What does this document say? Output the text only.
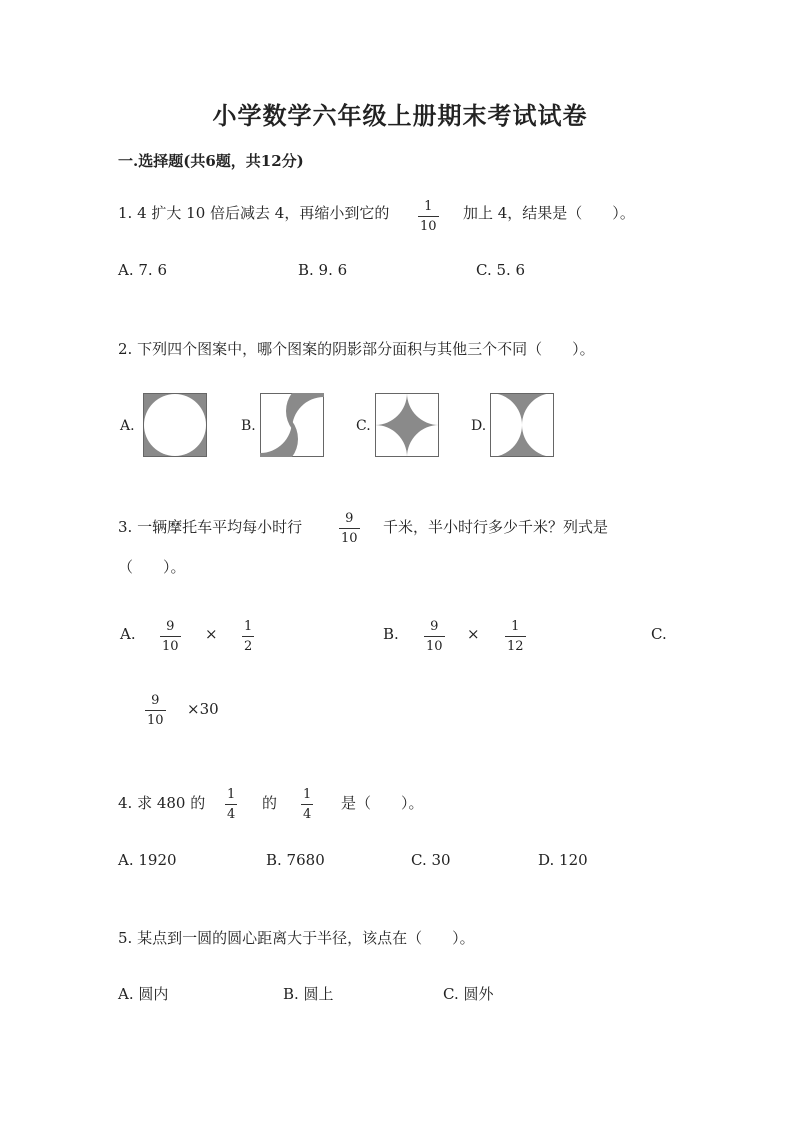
小学数学六年级上册期末考试试卷
一.选择题(共6题，共12分)
1. 4 扩大 10 倍后减去 4，再缩小到它的	1
10
加上 4，结果是（　　）。
A. 7. 6	B. 9. 6	C. 5. 6
2. 下列四个图案中，哪个图案的阴影部分面积与其他三个不同（　　）。
A.	B.	C.	D.
3. 一辆摩托车平均每小时行	9
10
千米，半小时行多少千米？列式是
（　　）。
A. 9
10
× 1
2
B. 9
10
× 1
12
C.
9
10
×30
4. 求 480 的 1
4
的 1
4
是（　　）。
A. 1920	B. 7680	C. 30	D. 120
5. 某点到一圆的圆心距离大于半径，该点在（　　）。
A. 圆内	B. 圆上	C. 圆外
